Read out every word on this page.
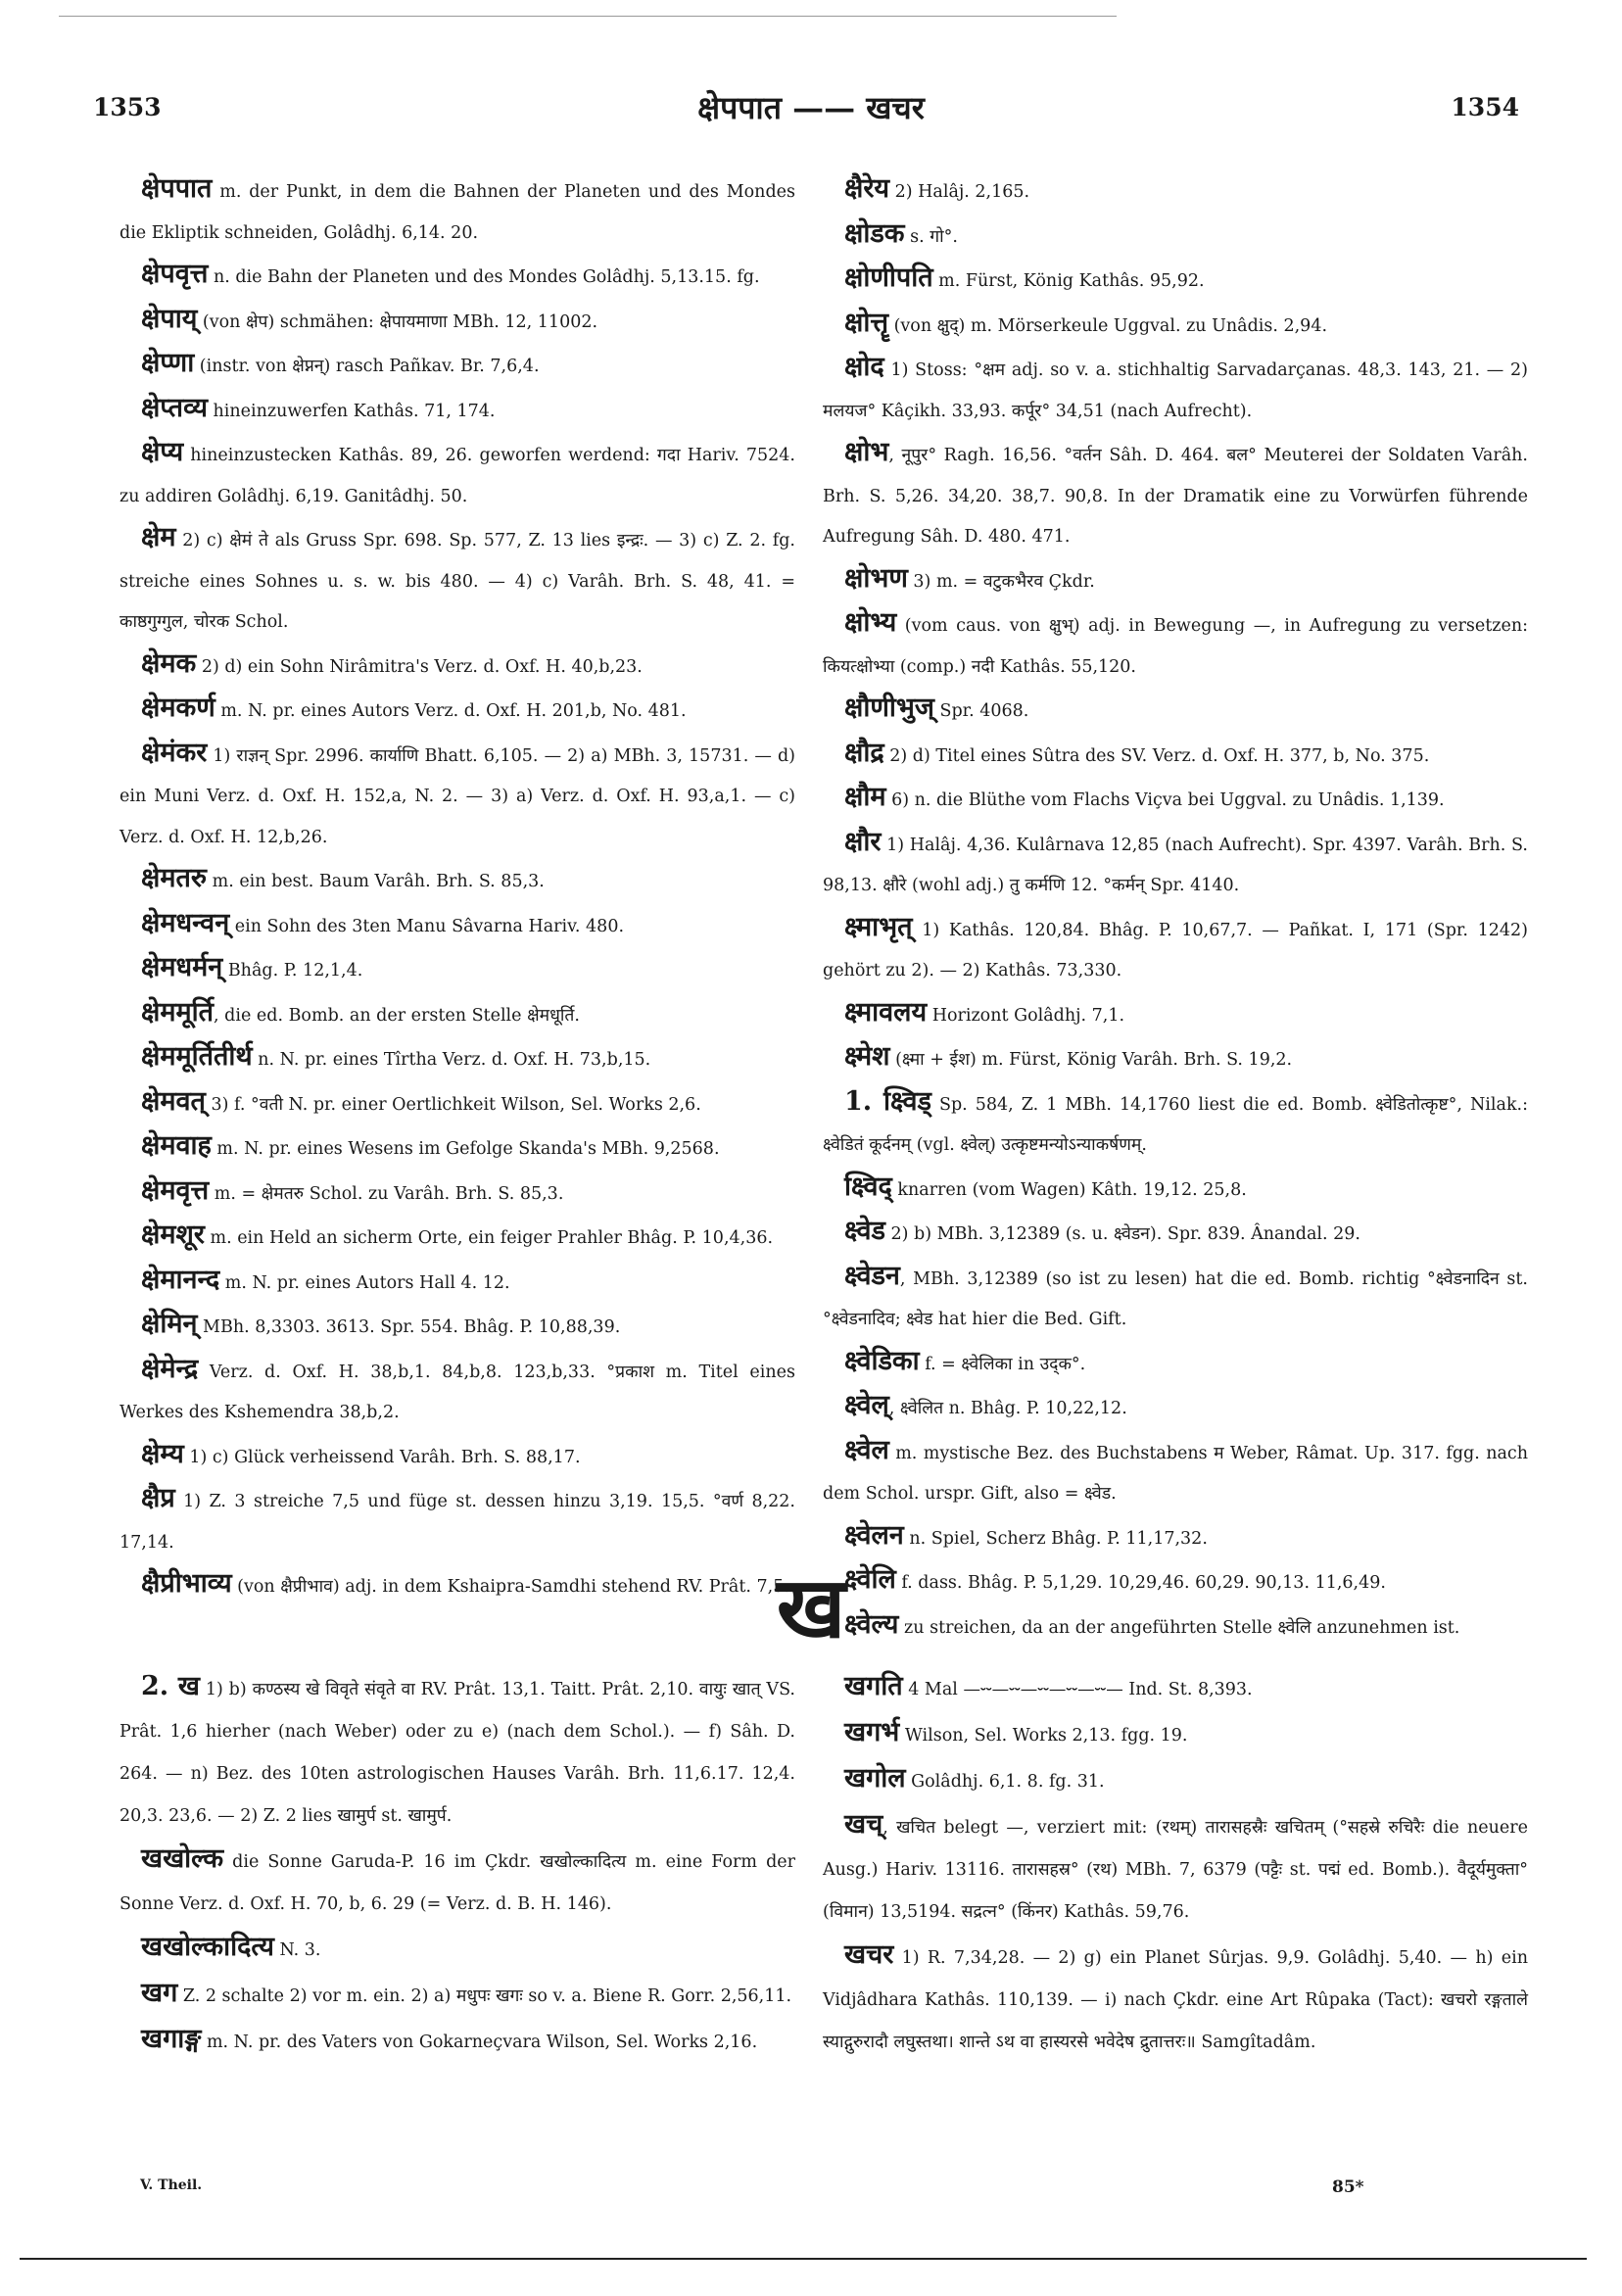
1353	क्षेपपात —— खचर	1354

क्षेपपात m. der Punkt, in dem die Bahnen der Planeten und des Mondes die Ekliptik schneiden, Golâdhj. 6,14. 20.

क्षेपवृत्त n. die Bahn der Planeten und des Mondes Golâdhj. 5,13.15. fg.

क्षेपाय् (von क्षेप) schmähen: क्षेपायमाणा MBh. 12, 11002.

क्षेप्णा (instr. von क्षेप्नन्) rasch Pañkav. Br. 7,6,4.

क्षेप्तव्य hineinzuwerfen Kathâs. 71, 174.

क्षेप्य hineinzustecken Kathâs. 89, 26. geworfen werdend: गदा Hariv. 7524. zu addiren Golâdhj. 6,19. Ganitâdhj. 50.

क्षेम 2) c) क्षेमं ते als Gruss Spr. 698. Sp. 577, Z. 13 lies इन्द्रः. — 3) c) Z. 2. fg. streiche eines Sohnes u. s. w. bis 480. — 4) c) Varâh. Brh. S. 48, 41. = काष्ठगुग्गुल, चोरक Schol.

क्षेमक 2) d) ein Sohn Nirâmitra's Verz. d. Oxf. H. 40,b,23.

क्षेमकर्ण m. N. pr. eines Autors Verz. d. Oxf. H. 201,b, No. 481.

क्षेमंकर 1) राज्ञन् Spr. 2996. कार्याणि Bhatt. 6,105. — 2) a) MBh. 3, 15731. — d) ein Muni Verz. d. Oxf. H. 152,a, N. 2. — 3) a) Verz. d. Oxf. H. 93,a,1. — c) Verz. d. Oxf. H. 12,b,26.

क्षेमतरु m. ein best. Baum Varâh. Brh. S. 85,3.

क्षेमधन्वन् ein Sohn des 3ten Manu Sâvarna Hariv. 480.

क्षेमधर्मन् Bhâg. P. 12,1,4.

क्षेममूर्ति, die ed. Bomb. an der ersten Stelle क्षेमधूर्ति.

क्षेममूर्तितीर्थ n. N. pr. eines Tîrtha Verz. d. Oxf. H. 73,b,15.

क्षेमवत् 3) f. °वती N. pr. einer Oertlichkeit Wilson, Sel. Works 2,6.

क्षेमवाह m. N. pr. eines Wesens im Gefolge Skanda's MBh. 9,2568.

क्षेमवृत्त m. = क्षेमतरु Schol. zu Varâh. Brh. S. 85,3.

क्षेमशूर m. ein Held an sicherm Orte, ein feiger Prahler Bhâg. P. 10,4,36.

क्षेमानन्द m. N. pr. eines Autors Hall 4. 12.

क्षेमिन् MBh. 8,3303. 3613. Spr. 554. Bhâg. P. 10,88,39.

क्षेमेन्द्र Verz. d. Oxf. H. 38,b,1. 84,b,8. 123,b,33. °प्रकाश m. Titel eines Werkes des Kshemendra 38,b,2.

क्षेम्य 1) c) Glück verheissend Varâh. Brh. S. 88,17.

क्षैप्र 1) Z. 3 streiche 7,5 und füge st. dessen hinzu 3,19. 15,5. °वर्ण 8,22. 17,14.

क्षैप्रीभाव्य (von क्षैप्रीभाव) adj. in dem Kshaipra-Samdhi stehend RV. Prât. 7,5.

क्षैरेय 2) Halâj. 2,165.

क्षोडक s. गो°.

क्षोणीपति m. Fürst, König Kathâs. 95,92.

क्षोत्तॄ (von क्षुद्) m. Mörserkeule Uggval. zu Unâdis. 2,94.

क्षोद 1) Stoss: °क्षम adj. so v. a. stichhaltig Sarvadarçanas. 48,3. 143, 21. — 2) मलयज° Kâçikh. 33,93. कर्पूर° 34,51 (nach Aufrecht).

क्षोभ, नूपुर° Ragh. 16,56. °वर्तन Sâh. D. 464. बल° Meuterei der Soldaten Varâh. Brh. S. 5,26. 34,20. 38,7. 90,8. In der Dramatik eine zu Vorwürfen führende Aufregung Sâh. D. 480. 471.

क्षोभण 3) m. = वटुकभैरव Çkdr.

क्षोभ्य (vom caus. von क्षुभ्) adj. in Bewegung —, in Aufregung zu versetzen: कियत्क्षोभ्या (comp.) नदी Kathâs. 55,120.

क्षौणीभुज् Spr. 4068.

क्षौद्र 2) d) Titel eines Sûtra des SV. Verz. d. Oxf. H. 377, b, No. 375.

क्षौम 6) n. die Blüthe vom Flachs Viçva bei Uggval. zu Unâdis. 1,139.

क्षौर 1) Halâj. 4,36. Kulârnava 12,85 (nach Aufrecht). Spr. 4397. Varâh. Brh. S. 98,13. क्षौरे (wohl adj.) तु कर्मणि 12. °कर्मन् Spr. 4140.

क्ष्माभृत् 1) Kathâs. 120,84. Bhâg. P. 10,67,7. — Pañkat. I, 171 (Spr. 1242) gehört zu 2). — 2) Kathâs. 73,330.

क्ष्मावलय Horizont Golâdhj. 7,1.

क्ष्मेश (क्ष्मा + ईश) m. Fürst, König Varâh. Brh. S. 19,2.

1. क्ष्विड् Sp. 584, Z. 1 MBh. 14,1760 liest die ed. Bomb. क्ष्वेडितोत्कृष्ट°, Nilak.: क्ष्वेडितं कूर्दनम् (vgl. क्ष्वेल्) उत्कृष्टमन्योऽन्याकर्षणम्.

क्ष्विद् knarren (vom Wagen) Kâth. 19,12. 25,8.

क्ष्वेड 2) b) MBh. 3,12389 (s. u. क्ष्वेडन). Spr. 839. Ânandal. 29.

क्ष्वेडन, MBh. 3,12389 (so ist zu lesen) hat die ed. Bomb. richtig °क्ष्वेडनादिन st. °क्ष्वेडनादिव; क्ष्वेड hat hier die Bed. Gift.

क्ष्वेडिका f. = क्ष्वेलिका in उद्क°.

क्ष्वेल्, क्ष्वेलित n. Bhâg. P. 10,22,12.

क्ष्वेल m. mystische Bez. des Buchstabens म Weber, Râmat. Up. 317. fgg. nach dem Schol. urspr. Gift, also = क्ष्वेड.

क्ष्वेलन n. Spiel, Scherz Bhâg. P. 11,17,32.

क्ष्वेलि f. dass. Bhâg. P. 5,1,29. 10,29,46. 60,29. 90,13. 11,6,49.

क्ष्वेल्य zu streichen, da an der angeführten Stelle क्ष्वेलि anzunehmen ist.

ख

2. ख 1) b) कण्ठस्य खे विवृते संवृते वा RV. Prât. 13,1. Taitt. Prât. 2,10. वायुः खात् VS. Prât. 1,6 hierher (nach Weber) oder zu e) (nach dem Schol.). — f) Sâh. D. 264. — n) Bez. des 10ten astrologischen Hauses Varâh. Brh. 11,6.17. 12,4. 20,3. 23,6. — 2) Z. 2 lies खामुर्प st. खामुर्प.

खखोल्क die Sonne Garuda-P. 16 im Çkdr. खखोल्कादित्य m. eine Form der Sonne Verz. d. Oxf. H. 70, b, 6. 29 (= Verz. d. B. H. 146).

खखोल्कादित्य N. 3.

खग Z. 2 schalte 2) vor m. ein. 2) a) मधुपः खगः so v. a. Biene R. Gorr. 2,56,11.

खगाङ्ग m. N. pr. des Vaters von Gokarneçvara Wilson, Sel. Works 2,16.

खगति 4 Mal —⏑⏑—⏑⏑—⏑⏑—⏑⏑—⏑⏑— Ind. St. 8,393.

खगर्भ Wilson, Sel. Works 2,13. fgg. 19.

खगोल Golâdhj. 6,1. 8. fg. 31.

खच्, खचित belegt —, verziert mit: (रथम्) तारासहस्रैः खचितम् (°सहस्रे रुचिरैः die neuere Ausg.) Hariv. 13116. तारासहस्र° (रथ) MBh. 7, 6379 (पट्टैः st. पद्मं ed. Bomb.). वैदूर्यमुक्ता° (विमान) 13,5194. सद्रत्न° (किंनर) Kathâs. 59,76.

खचर 1) R. 7,34,28. — 2) g) ein Planet Sûrjas. 9,9. Golâdhj. 5,40. — h) ein Vidjâdhara Kathâs. 110,139. — i) nach Çkdr. eine Art Rûpaka (Tact): खचरो रङ्गताले स्याद्गुरुरादौ लघुस्तथा। शान्ते ऽथ वा हास्यरसे भवेदेष द्रुतात्तरः॥ Samgîtadâm.

V. Theil.	85*
